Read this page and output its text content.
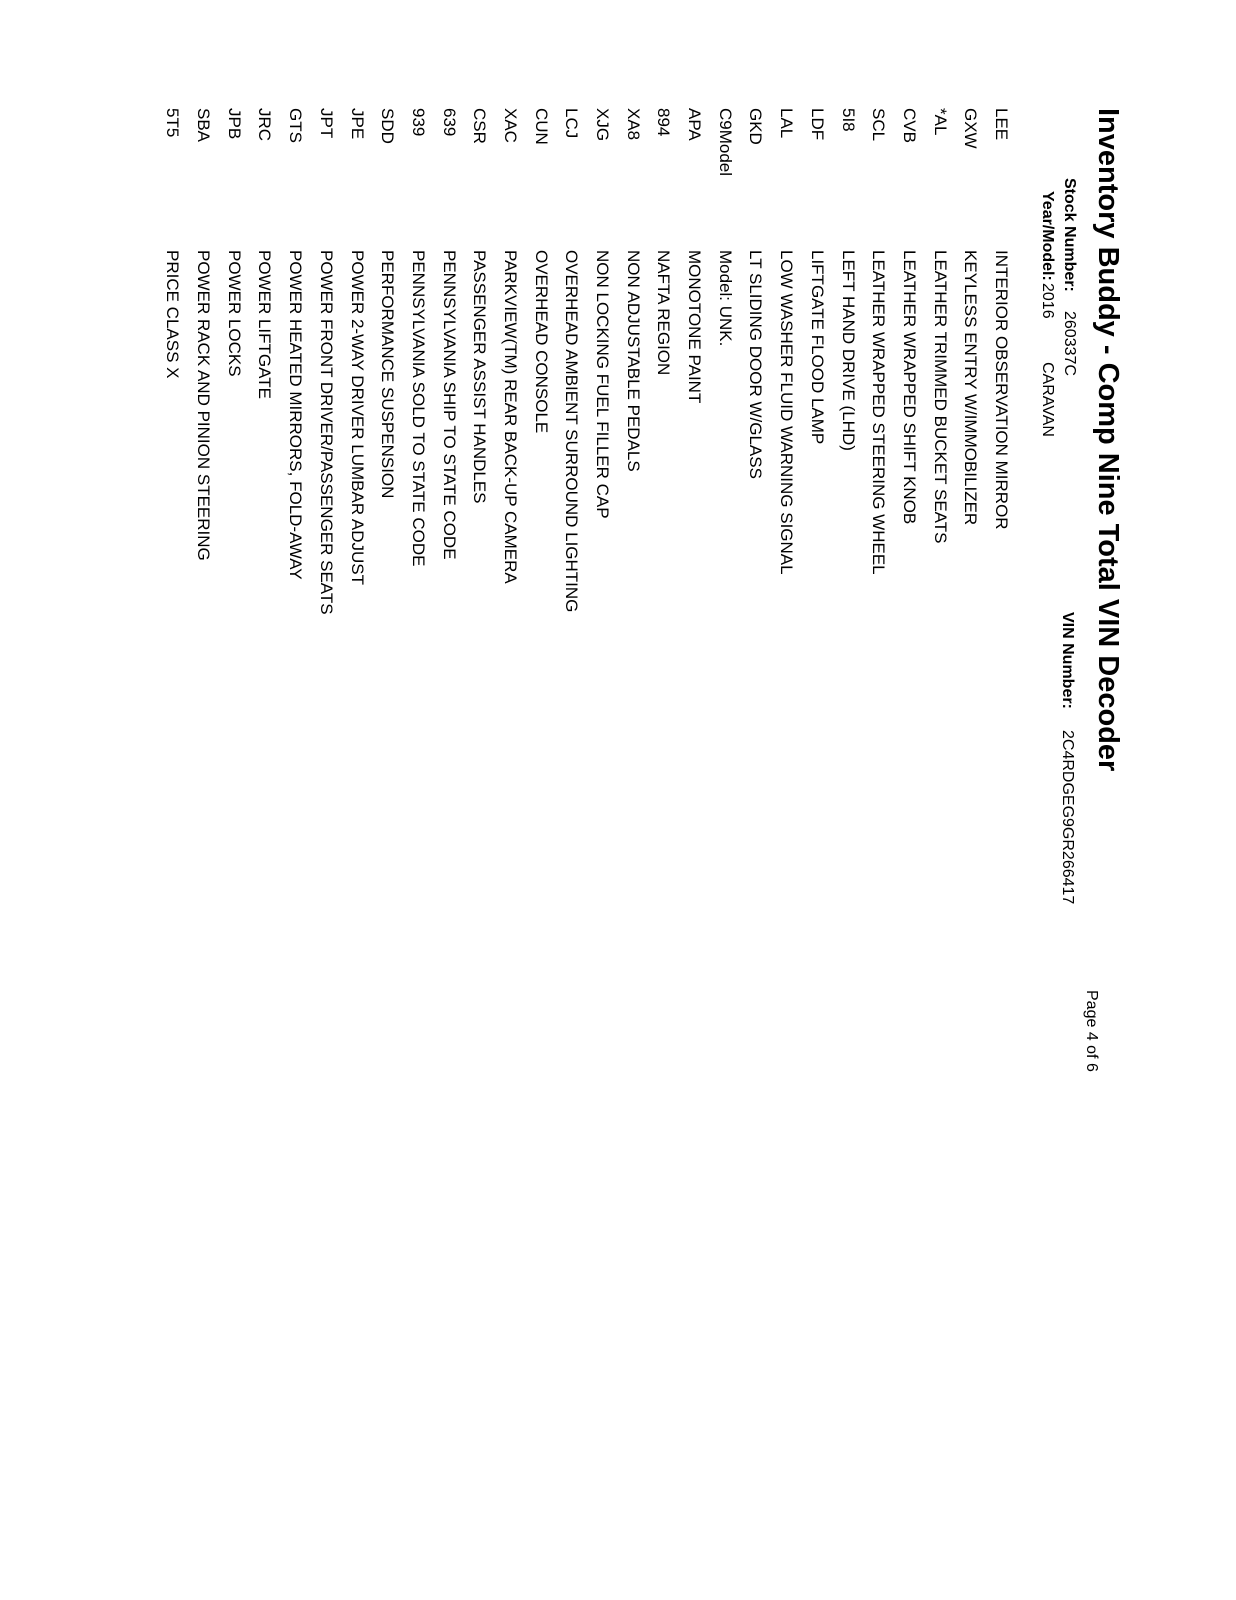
Inventory Buddy - Comp Nine Total VIN Decoder
Page 4 of 6
Stock Number:
260337C
Year/Model:
2016
CARAVAN
VIN Number:
2C4RDGEG9GR266417
LEE
INTERIOR OBSERVATION MIRROR
GXW
KEYLESS ENTRY W/IMMOBILIZER
*AL
LEATHER TRIMMED BUCKET SEATS
CVB
LEATHER WRAPPED SHIFT KNOB
SCL
LEATHER WRAPPED STEERING WHEEL
5I8
LEFT HAND DRIVE (LHD)
LDF
LIFTGATE FLOOD LAMP
LAL
LOW WASHER FLUID WARNING SIGNAL
GKD
LT SLIDING DOOR W/GLASS
C9Model
Model: UNK.
APA
MONOTONE PAINT
894
NAFTA REGION
XA8
NON ADJUSTABLE PEDALS
XJG
NON LOCKING FUEL FILLER CAP
LCJ
OVERHEAD AMBIENT SURROUND LIGHTING
CUN
OVERHEAD CONSOLE
XAC
PARKVIEW(TM) REAR BACK-UP CAMERA
CSR
PASSENGER ASSIST HANDLES
639
PENNSYLVANIA SHIP TO STATE CODE
939
PENNSYLVANIA SOLD TO STATE CODE
SDD
PERFORMANCE SUSPENSION
JPE
POWER 2-WAY DRIVER LUMBAR ADJUST
JPT
POWER FRONT DRIVER/PASSENGER SEATS
GTS
POWER HEATED MIRRORS, FOLD-AWAY
JRC
POWER LIFTGATE
JPB
POWER LOCKS
SBA
POWER RACK AND PINION STEERING
5T5
PRICE CLASS X
